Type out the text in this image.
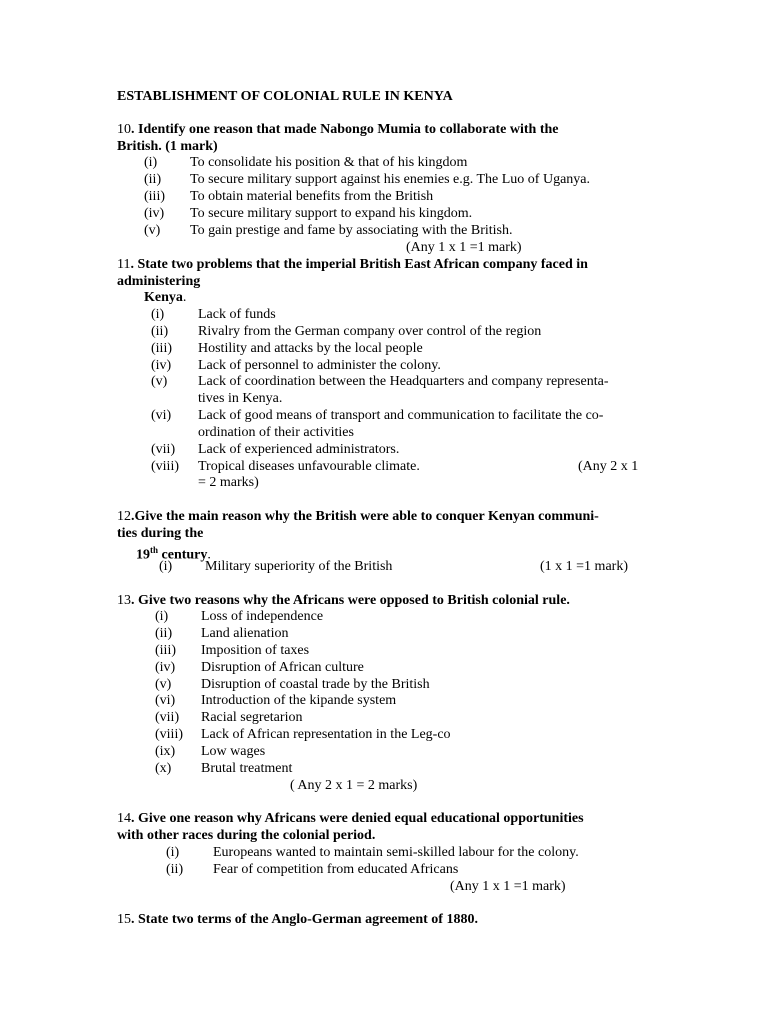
ESTABLISHMENT OF COLONIAL RULE IN KENYA
10. Identify one reason that made Nabongo Mumia to collaborate with the
British. (1 mark)
(i) To consolidate his position & that of his kingdom
(ii) To secure military support against his enemies e.g. The Luo of Uganya.
(iii) To obtain material benefits from the British
(iv) To secure military support to expand his kingdom.
(v) To gain prestige and fame by associating with the British.
(Any 1 x 1 =1 mark)
11. State two problems that the imperial British East African company faced in
administering
Kenya.
(i) Lack of funds
(ii) Rivalry from the German company over control of the region
(iii) Hostility and attacks by the local people
(iv) Lack of personnel to administer the colony.
(v) Lack of coordination between the Headquarters and company representa-
tives in Kenya.
(vi) Lack of good means of transport and communication to facilitate the co-
ordination of their activities
(vii) Lack of experienced administrators.
(viii) Tropical diseases unfavourable climate.	(Any 2 x 1
= 2 marks)
12.Give the main reason why the British were able to conquer Kenyan communi-
ties during the
19th century.
(i) Military superiority of the British	(1 x 1 =1 mark)
13. Give two reasons why the Africans were opposed to British colonial rule.
(i) Loss of independence
(ii) Land alienation
(iii) Imposition of taxes
(iv) Disruption of African culture
(v) Disruption of coastal trade by the British
(vi) Introduction of the kipande system
(vii) Racial segretarion
(viii) Lack of African representation in the Leg-co
(ix) Low wages
(x) Brutal treatment
( Any 2 x 1 = 2 marks)
14. Give one reason why Africans were denied equal educational opportunities
with other races during the colonial period.
(i) Europeans wanted to maintain semi-skilled labour for the colony.
(ii) Fear of competition from educated Africans
(Any 1 x 1 =1 mark)
15. State two terms of the Anglo-German agreement of 1880.
